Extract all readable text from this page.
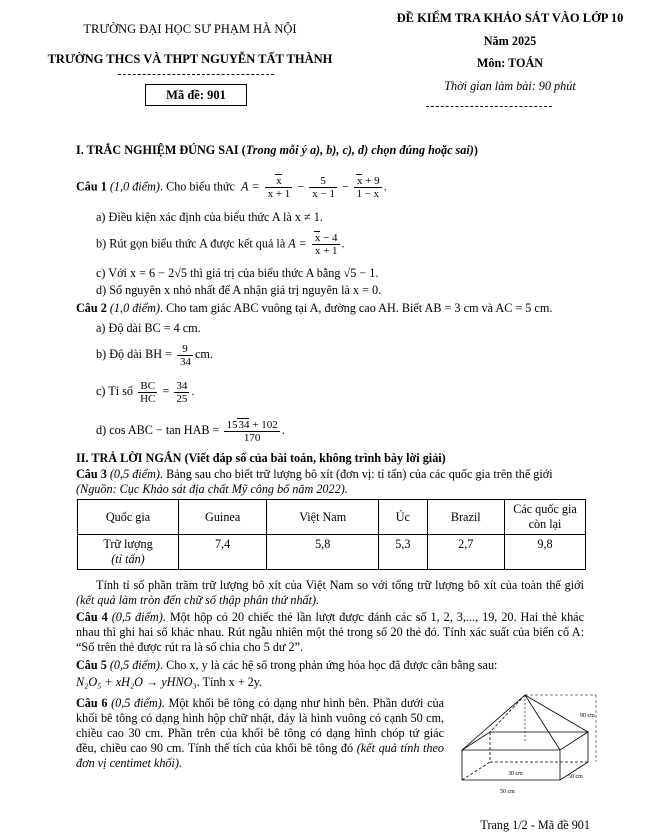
TRƯỜNG ĐẠI HỌC SƯ PHẠM HÀ NỘI
TRƯỜNG THCS VÀ THPT NGUYỄN TẤT THÀNH
Mã đề: 901
ĐỀ KIỂM TRA KHẢO SÁT VÀO LỚP 10
Năm 2025
Môn: TOÁN
Thời gian làm bài: 90 phút
I. TRẮC NGHIỆM ĐÚNG SAI (Trong mỗi ý a), b), c), d) chọn đúng hoặc sai))
Câu 1 (1,0 điểm). Cho biểu thức  $A = \frac{x}{x + 1} - \frac{5}{x - 1} - \frac{x + 9}{1 - x}$ .
a) Điều kiện xác định của biểu thức A là x ≠ 1.
b) Rút gọn biểu thức A được kết quả là $A = \frac{x - 4}{x + 1}$ .
c) Với x = 6 − 2√5 thì giá trị của biểu thức A bằng √5 − 1.
d) Số nguyên x nhỏ nhất để A nhận giá trị nguyên là x = 0.
Câu 2 (1,0 điểm). Cho tam giác ABC vuông tại A, đường cao AH. Biết AB = 3 cm và AC = 5 cm.
a) Độ dài BC = 4 cm.
b) Độ dài BH = $\frac{9}{34}$ cm.
c) Tỉ số $\frac{BC}{HC} = \frac{34}{25}$ .
d) cos ABC − tan HAB = $\frac{1534 + 102}{170}$ .
II. TRẢ LỜI NGẮN (Viết đáp số của bài toán, không trình bày lời giải)
Câu 3 (0,5 điểm). Bảng sau cho biết trữ lượng bô xít (đơn vị: tỉ tấn) của các quốc gia trên thế giới
(Nguồn: Cục Khảo sát địa chất Mỹ công bố năm 2022).
Quốc gia	Guinea	Việt Nam	Úc	Brazil	Các quốc gia còn lại
Trữ lượng
(tỉ tấn)	7,4	5,8	5,3	2,7	9,8
Tính tỉ số phần trăm trữ lượng bô xít của Việt Nam so với tổng trữ lượng bô xít của toàn thế giới (kết quả làm tròn đến chữ số thập phân thứ nhất).
Câu 4 (0,5 điểm). Một hộp có 20 chiếc thẻ lần lượt được đánh các số 1, 2, 3,..., 19, 20. Hai thẻ khác nhau thì ghi hai số khác nhau. Rút ngẫu nhiên một thẻ trong số 20 thẻ đó. Tính xác suất của biến cố A: “Số trên thẻ được rút ra là số chia cho 5 dư 2”.
Câu 5 (0,5 điểm). Cho x, y là các hệ số trong phản ứng hóa học đã được cân bằng sau:
N₂O₅ + xH₂O → yHNO₃. Tính x + 2y.
Câu 6 (0,5 điểm). Một khối bê tông có dạng như hình bên. Phần dưới của khối bê tông có dạng hình hộp chữ nhật, đáy là hình vuông có cạnh 50 cm, chiều cao 30 cm. Phần trên của khối bê tông có dạng hình chóp tứ giác đều, chiều cao 90 cm. Tính thể tích của khối bê tông đó (kết quả tính theo đơn vị centimet khối).
90 cm
30 cm	50 cm
50 cm
Trang 1/2 - Mã đề 901
